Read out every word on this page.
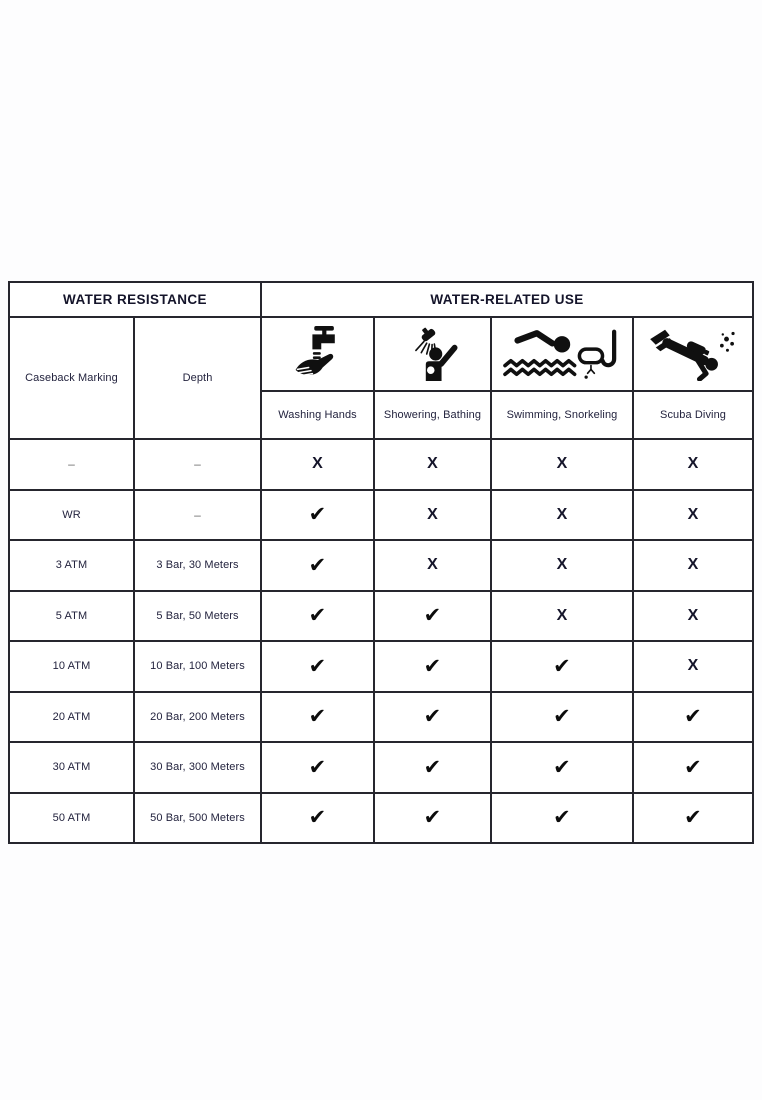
WATER RESISTANCE		WATER-RELATED USE			
Caseback Marking	Depth	

		Washing Hands	Showering, Bathing	Swimming, Snorkeling	Scuba Diving
–	–	X	X	X	X
WR	–	✔	X	X	X
3 ATM	3 Bar, 30 Meters	✔	X	X	X
5 ATM	5 Bar, 50 Meters	✔	✔	X	X
10 ATM	10 Bar, 100 Meters	✔	✔	✔	X
20 ATM	20 Bar, 200 Meters	✔	✔	✔	✔
30 ATM	30 Bar, 300 Meters	✔	✔	✔	✔
50 ATM	50 Bar, 500 Meters	✔	✔	✔	✔
